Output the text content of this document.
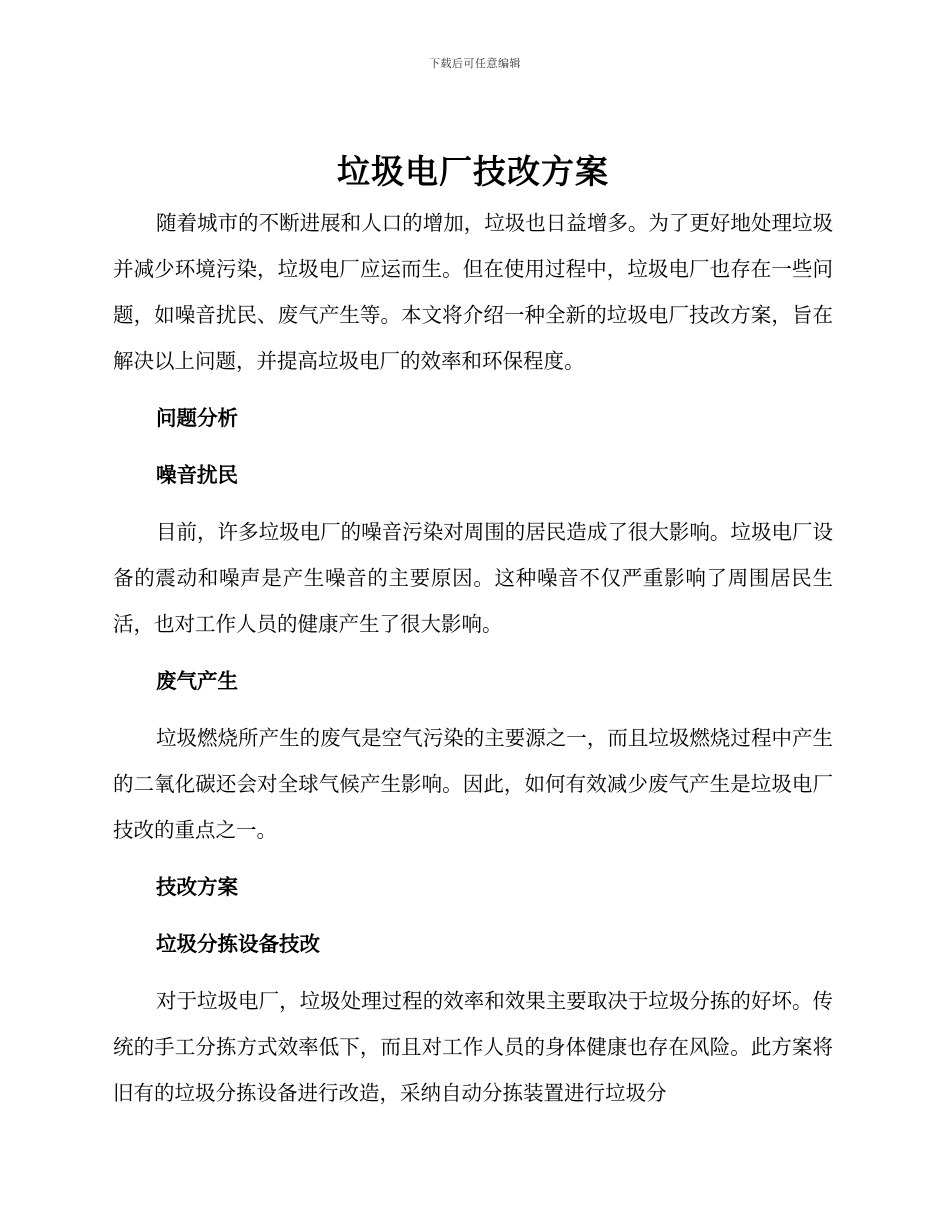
下载后可任意编辑
垃圾电厂技改方案

随着城市的不断进展和人口的增加，垃圾也日益增多。为了更好地处理垃圾并减少环境污染，垃圾电厂应运而生。但在使用过程中，垃圾电厂也存在一些问题，如噪音扰民、废气产生等。本文将介绍一种全新的垃圾电厂技改方案，旨在解决以上问题，并提高垃圾电厂的效率和环保程度。

问题分析
噪音扰民

目前，许多垃圾电厂的噪音污染对周围的居民造成了很大影响。垃圾电厂设备的震动和噪声是产生噪音的主要原因。这种噪音不仅严重影响了周围居民生活，也对工作人员的健康产生了很大影响。

废气产生

垃圾燃烧所产生的废气是空气污染的主要源之一，而且垃圾燃烧过程中产生的二氧化碳还会对全球气候产生影响。因此，如何有效减少废气产生是垃圾电厂技改的重点之一。

技改方案
垃圾分拣设备技改

对于垃圾电厂，垃圾处理过程的效率和效果主要取决于垃圾分拣的好坏。传统的手工分拣方式效率低下，而且对工作人员的身体健康也存在风险。此方案将旧有的垃圾分拣设备进行改造，采纳自动分拣装置进行垃圾分
